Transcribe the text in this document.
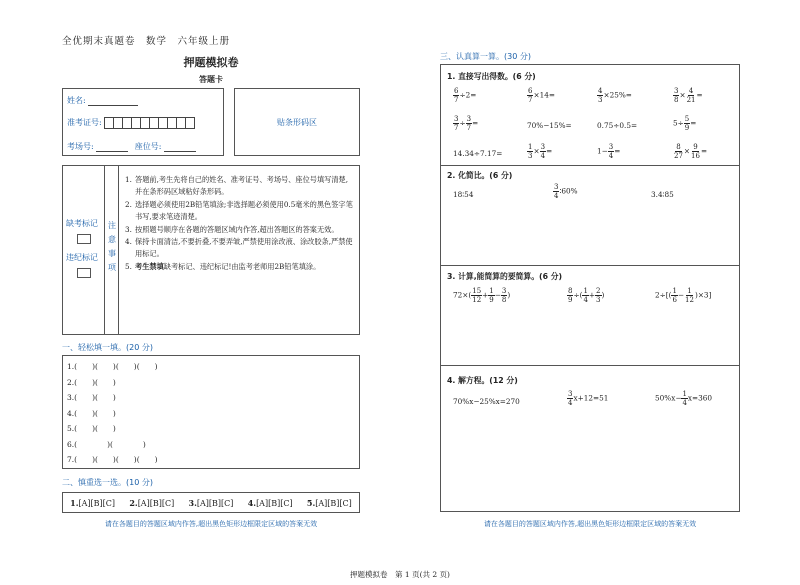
全优期末真题卷　数学　六年级上册
押题模拟卷
答题卡
姓名:
准考证号:
考场号:	座位号:
贴条形码区
缺考标记
违纪标记
注
意
事
项
1. 答题前,考生先将自己的姓名、准考证号、考场号、座位号填写清楚,并在条形码区域粘好条形码。
2. 选择题必须使用2B铅笔填涂;非选择题必须使用0.5毫米的黑色签字笔书写,要求笔迹清楚。
3. 按照题号顺序在各题的答题区域内作答,超出答题区的答案无效。
4. 保持卡面清洁,不要折叠,不要弄皱,严禁使用涂改液、涂改胶条,严禁使用标记。
5. 考生禁填缺考标记、违纪标记!由监考老师用2B铅笔填涂。
一、轻松填一填。(20 分)
1.(　　)(　　)(　　)(　　)
2.(　　)(　　)
3.(　　)(　　)
4.(　　)(　　)
5.(　　)(　　)
6.(　　　　)(　　　　)
7.(　　)(　　)(　　)(　　)
二、慎重选一选。(10 分)
1.[A][B][C] 2.[A][B][C] 3.[A][B][C] 4.[A][B][C] 5.[A][B][C]
请在各题目的答题区域内作答,超出黑色矩形边框限定区域的答案无效
三、认真算一算。(30 分)
1. 直接写出得数。(6 分)
$\frac{6}{7} \div 2=$	$\frac{6}{7} \times 14=$	$\frac{4}{3} \times 25\%=$	$\frac{3}{8} \times \frac{4}{21}$ =
$\frac{3}{7} \div \frac{3}{7}$ =	70%−15%=	0.75÷0.5=	$5\div \frac{5}{9}$ =
14.34÷7.17=	$\frac{1}{3} \times \frac{3}{4}$ =	$1- \frac{3}{4}$ =	$\frac{8}{27} \times \frac{9}{16}$ =
2. 化简比。(6 分)
18∶54	$\frac{3}{4}$ ∶60%	3.4∶85
3. 计算,能简算的要简算。(6 分)
$72\times( \frac{15}{12} + \frac{1}{9} - \frac{3}{8}$ )	$\frac{8}{9}$ ÷( $\frac{1}{4} + \frac{2}{3}$ )	$2\div[( \frac{1}{6} - \frac{1}{12} )\times 3]$
4. 解方程。(12 分)
70%x−25%x=270	$\frac{3}{4} x+12=51$	$50\%x- \frac{1}{4} x=360$
请在各题目的答题区域内作答,超出黑色矩形边框限定区域的答案无效
押题模拟卷　第 1 页(共 2 页)
